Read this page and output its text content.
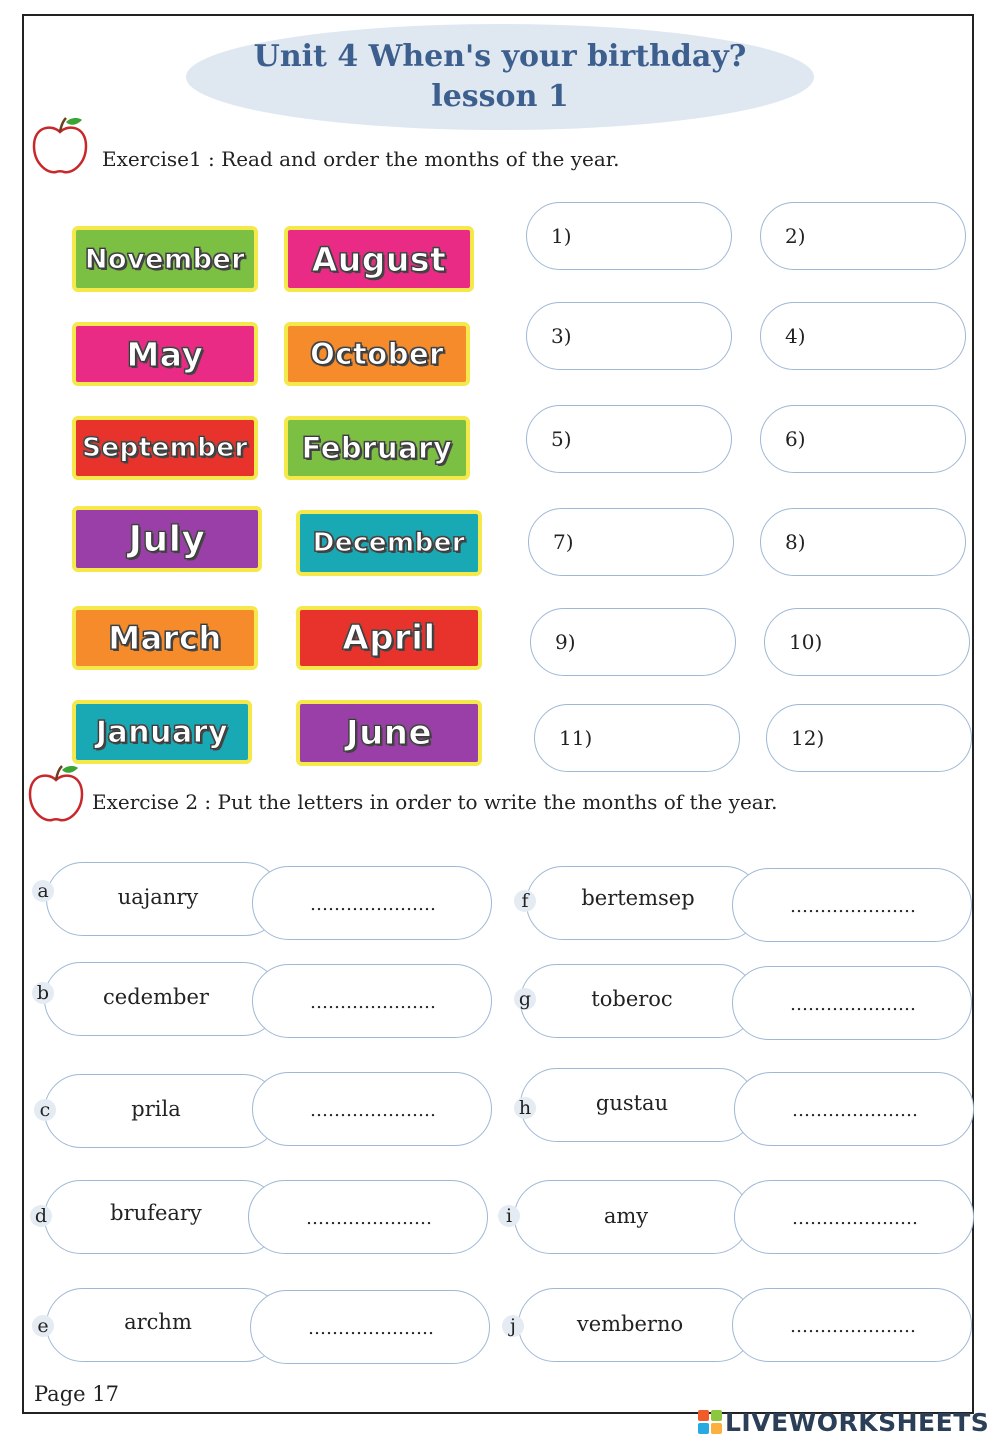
Unit 4 When's your birthday?
lesson 1
Exercise1 : Read and order the months of the year.
November	August
May	October
September	February
July	December
March	April
January	June
1)	2)
3)	4)
5)	6)
7)	8)
9)	10)
11)	12)
Exercise 2 : Put the letters in order to write the months of the year.
a	uajanry	…………………
b	cedember	…………………
c	prila	…………………
d	brufeary	…………………
e	archm	…………………
f	bertemsep	…………………
g	toberoc	…………………
h	gustau	…………………
i	amy	…………………
j	vemberno	…………………
Page 17
LIVEWORKSHEETS
